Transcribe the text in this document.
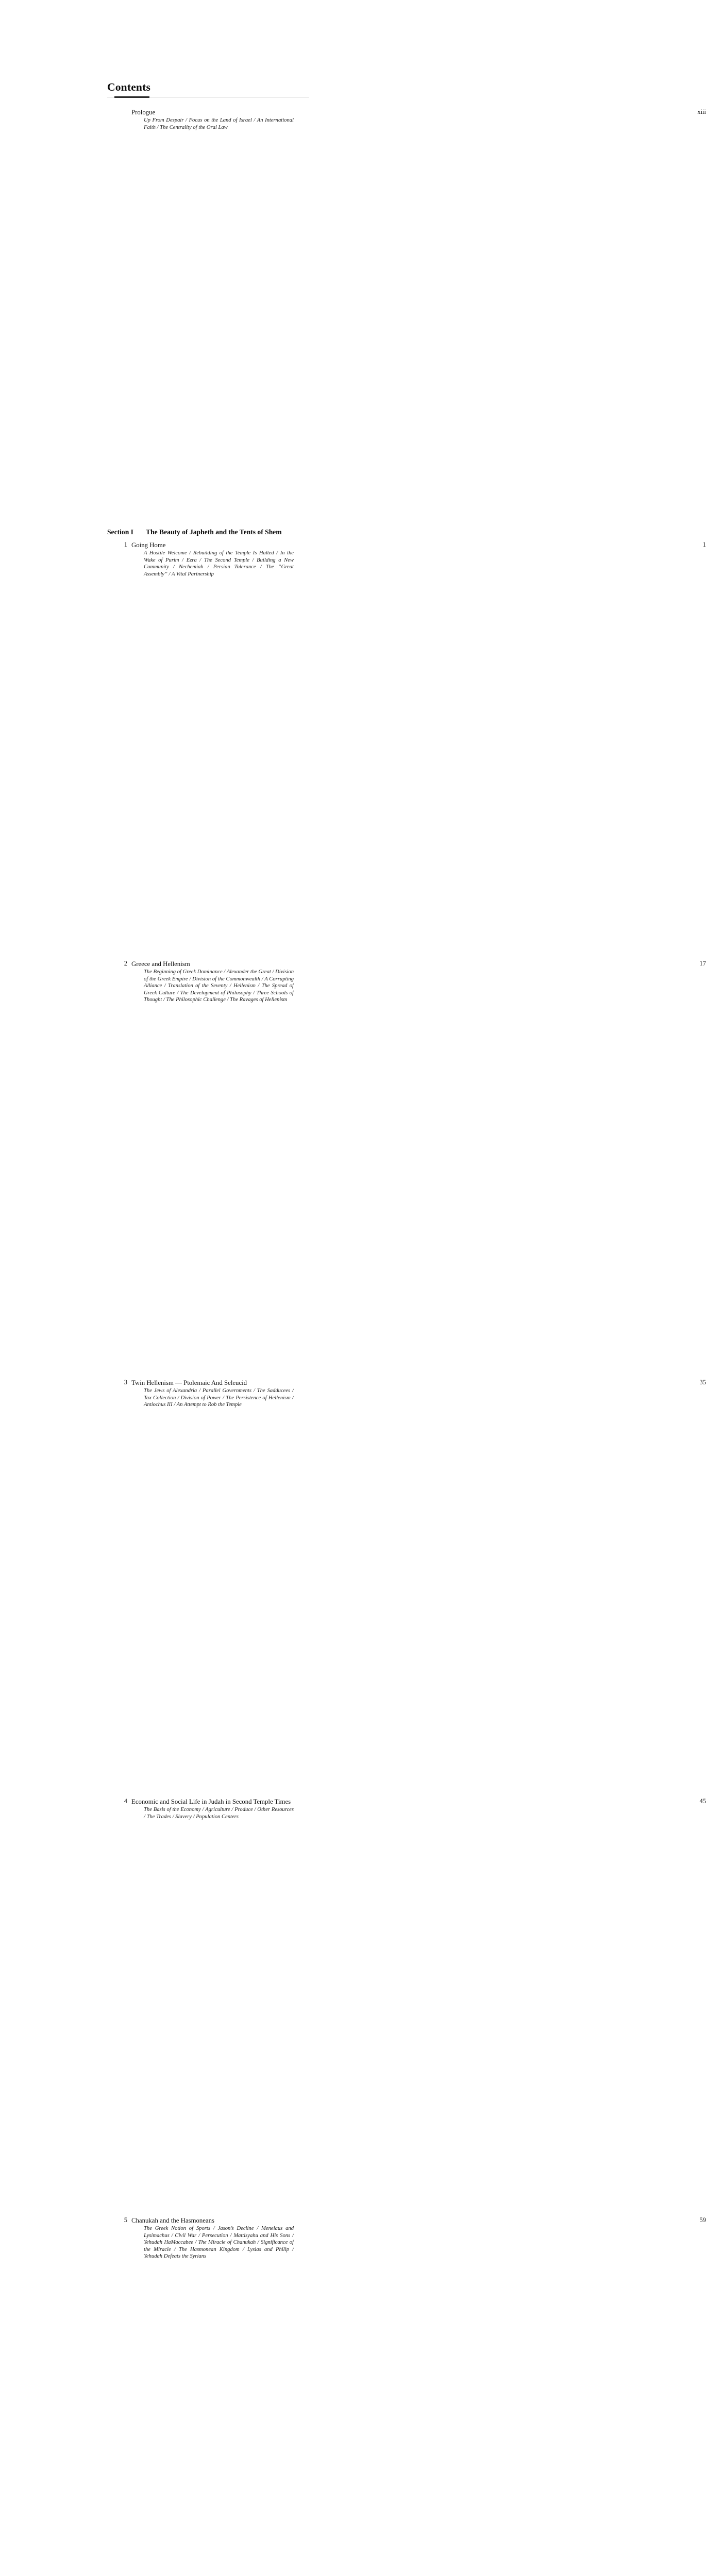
Contents
Prologue
Up From Despair / Focus on the Land of Israel / An International Faith / The Centrality of the Oral Law
xiii
Section I	The Beauty of Japheth and the Tents of Shem
1 Going Home
A Hostile Welcome / Rebuilding of the Temple Is Halted / In the Wake of Purim / Ezra / The Second Temple / Building a New Community / Nechemiah / Persian Tolerance / The “Great Assembly” / A Vital Partnership
1
2 Greece and Hellenism
The Beginning of Greek Dominance / Alexander the Great / Division of the Greek Empire / Division of the Commonwealth / A Corrupting Alliance / Translation of the Seventy / Hellenism / The Spread of Greek Culture / The Development of Philosophy / Three Schools of Thought / The Philosophic Challenge / The Ravages of Hellenism
17
3 Twin Hellenism — Ptolemaic And Seleucid
The Jews of Alexandria / Parallel Governments / The Sadducees / Tax Collection / Division of Power / The Persistence of Hellenism / Antiochus III / An Attempt to Rob the Temple
35
4 Economic and Social Life in Judah in Second Temple Times
The Basis of the Economy / Agriculture / Produce / Other Resources / The Trades / Slavery / Population Centers
45
5 Chanukah and the Hasmoneans
The Greek Notion of Sports / Jason’s Decline / Menelaus and Lysimachus / Civil War / Persecution / Mattisyahu and His Sons / Yehudah HaMaccabee / The Miracle of Chanukah / Significance of the Miracle / The Hasmonean Kingdom / Lysias and Philip / Yehudah Defeats the Syrians
59
